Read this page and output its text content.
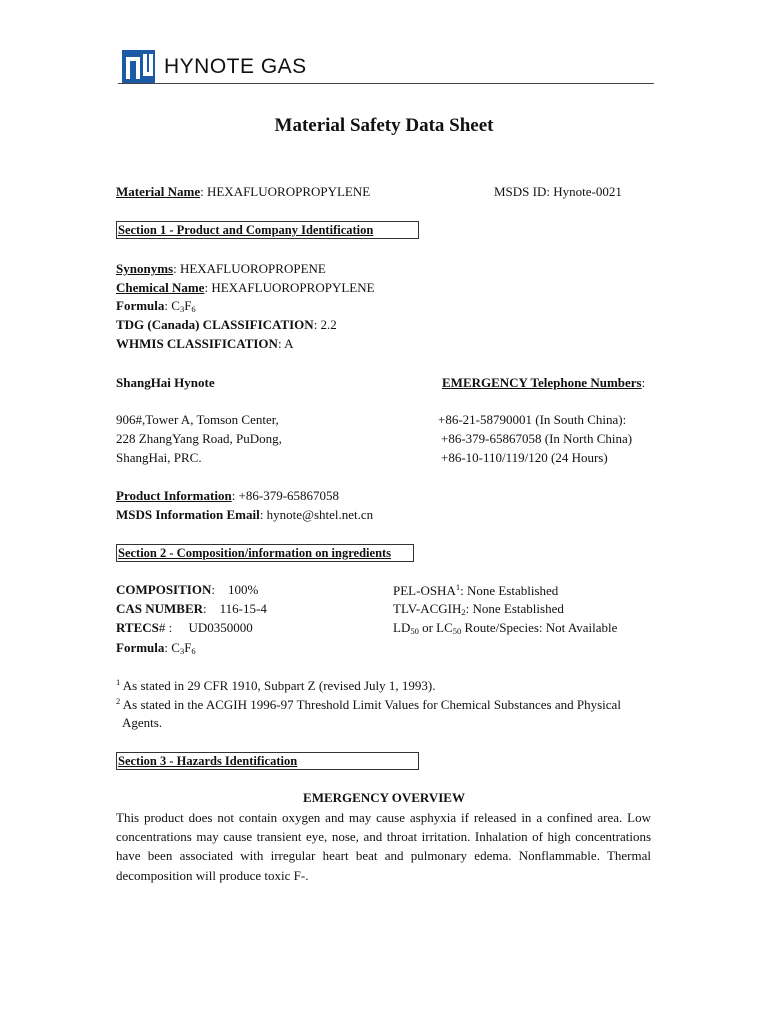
HYNOTE GAS
Material Safety Data Sheet
Material Name: HEXAFLUOROPROPYLENE	MSDS ID: Hynote-0021
Section 1 - Product and Company Identification
Synonyms: HEXAFLUOROPROPENE
Chemical Name: HEXAFLUOROPROPYLENE
Formula: $C_3F_6$
TDG (Canada) CLASSIFICATION: 2.2
WHMIS CLASSIFICATION: A
ShangHai Hynote	EMERGENCY Telephone Numbers:
906#,Tower A, Tomson Center,
228 ZhangYang Road, PuDong,
ShangHai, PRC.
+86-21-58790001 (In South China):
+86-379-65867058 (In North China)
+86-10-110/119/120 (24 Hours)
Product Information: +86-379-65867058
MSDS Information Email: hynote@shtel.net.cn
Section 2 - Composition/information on ingredients
COMPOSITION:    100%
CAS NUMBER:    116-15-4
RTECS# :     UD0350000
Formula: $C_3F_6$
PEL-OSHA$^1$: None Established
TLV-$ACGIH_2$: None Established
$LD_{50}$ or $LC_{50}$ Route/Species: Not Available
$^1$ As stated in 29 CFR 1910, Subpart Z (revised July 1, 1993).
$^2$ As stated in the ACGIH 1996-97 Threshold Limit Values for Chemical Substances and Physical
Agents.
Section 3 - Hazards Identification
EMERGENCY OVERVIEW
This product does not contain oxygen and may cause asphyxia if released in a confined area. Low concentrations may cause transient eye, nose, and throat irritation. Inhalation of high concentrations have been associated with irregular heart beat and pulmonary edema. Nonflammable. Thermal decomposition will produce toxic F-.
